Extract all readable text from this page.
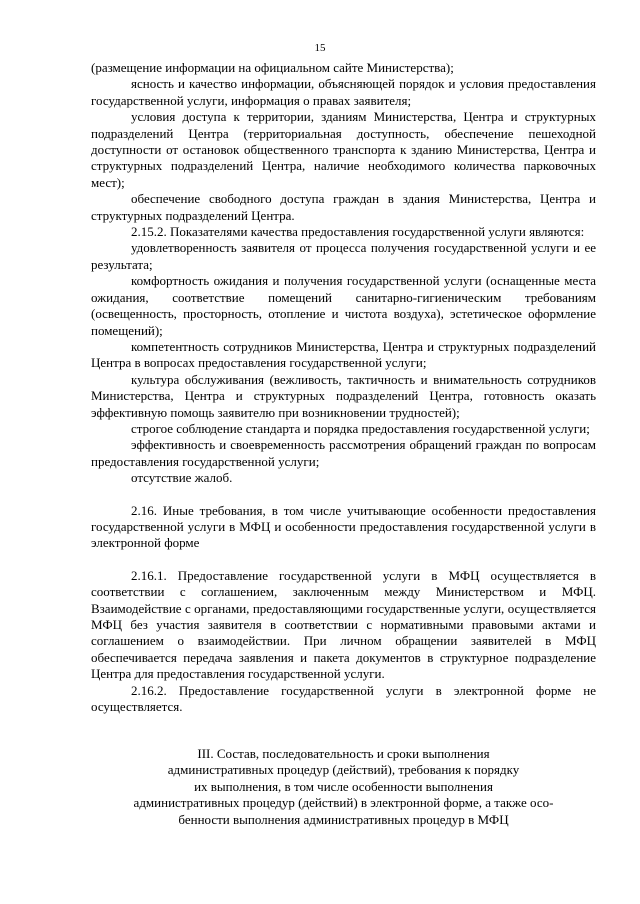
15

(размещение информации на официальном сайте Министерства);

ясность и качество информации, объясняющей порядок и условия предоставления государственной услуги, информация о правах заявителя;

условия доступа к территории, зданиям Министерства, Центра и структурных подразделений Центра (территориальная доступность, обеспечение пешеходной доступности от остановок общественного транспорта к зданию Министерства, Центра и структурных подразделений Центра, наличие необходимого количества парковочных мест);

обеспечение свободного доступа граждан в здания Министерства, Центра и структурных подразделений Центра.

2.15.2. Показателями качества предоставления государственной услуги являются:

удовлетворенность заявителя от процесса получения государственной услуги и ее результата;

комфортность ожидания и получения государственной услуги (оснащенные места ожидания, соответствие помещений санитарно-гигиеническим требованиям (освещенность, просторность, отопление и чистота воздуха), эстетическое оформление помещений);

компетентность сотрудников Министерства, Центра и структурных подразделений Центра в вопросах предоставления государственной услуги;

культура обслуживания (вежливость, тактичность и внимательность сотрудников Министерства, Центра и структурных подразделений Центра, готовность оказать эффективную помощь заявителю при возникновении трудностей);

строгое соблюдение стандарта и порядка предоставления государственной услуги;

эффективность и своевременность рассмотрения обращений граждан по вопросам предоставления государственной услуги;

отсутствие жалоб.

2.16. Иные требования, в том числе учитывающие особенности предоставления государственной услуги в МФЦ и особенности предоставления государственной услуги в электронной форме

2.16.1. Предоставление государственной услуги в МФЦ осуществляется в соответствии с соглашением, заключенным между Министерством и МФЦ. Взаимодействие с органами, предоставляющими государственные услуги, осуществляется МФЦ без участия заявителя в соответствии с нормативными правовыми актами и соглашением о взаимодействии. При личном обращении заявителей в МФЦ обеспечивается передача заявления и пакета документов в структурное подразделение Центра для предоставления государственной услуги.

2.16.2. Предоставление государственной услуги в электронной форме не осуществляется.

III. Состав, последовательность и сроки выполнения
административных процедур (действий), требования к порядку
их выполнения, в том числе особенности выполнения
административных процедур (действий) в электронной форме, а также осо-
бенности выполнения административных процедур в МФЦ
